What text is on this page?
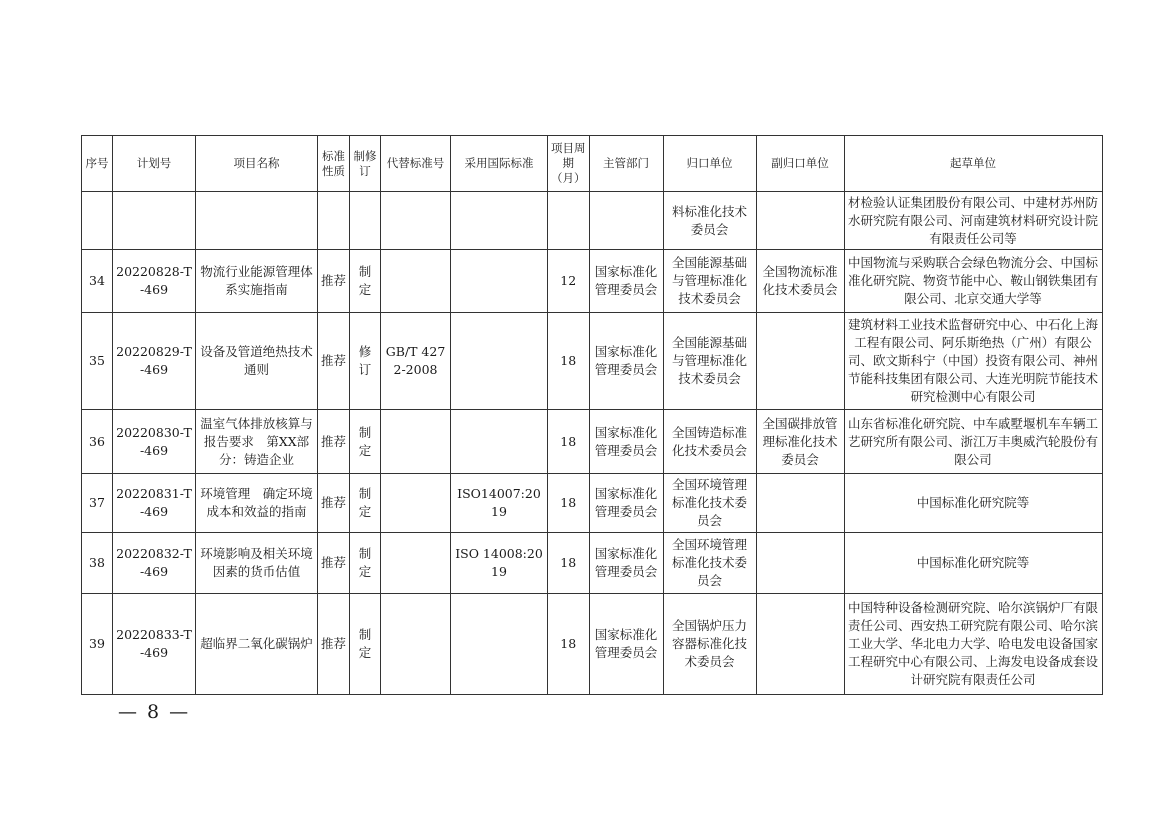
序号	计划号	项目名称	标准性质	制修订	代替标准号	采用国际标准	项目周期（月）	主管部门	归口单位	副归口单位	起草单位
									料标准化技术委员会		材检验认证集团股份有限公司、中建材苏州防水研究院有限公司、河南建筑材料研究设计院有限责任公司等
34	20220828-T-469	物流行业能源管理体系实施指南	推荐	制定			12	国家标准化管理委员会	全国能源基础与管理标准化技术委员会	全国物流标准化技术委员会	中国物流与采购联合会绿色物流分会、中国标准化研究院、物资节能中心、鞍山钢铁集团有限公司、北京交通大学等
35	20220829-T-469	设备及管道绝热技术通则	推荐	修订	GB/T 4272-2008		18	国家标准化管理委员会	全国能源基础与管理标准化技术委员会		建筑材料工业技术监督研究中心、中石化上海工程有限公司、阿乐斯绝热（广州）有限公司、欧文斯科宁（中国）投资有限公司、神州节能科技集团有限公司、大连光明院节能技术研究检测中心有限公司
36	20220830-T-469	温室气体排放核算与报告要求　第XX部分：铸造企业	推荐	制定			18	国家标准化管理委员会	全国铸造标准化技术委员会	全国碳排放管理标准化技术委员会	山东省标准化研究院、中车戚墅堰机车车辆工艺研究所有限公司、浙江万丰奥威汽轮股份有限公司
37	20220831-T-469	环境管理　确定环境成本和效益的指南	推荐	制定		ISO14007:2019	18	国家标准化管理委员会	全国环境管理标准化技术委员会		中国标准化研究院等
38	20220832-T-469	环境影响及相关环境因素的货币估值	推荐	制定		ISO 14008:2019	18	国家标准化管理委员会	全国环境管理标准化技术委员会		中国标准化研究院等
39	20220833-T-469	超临界二氧化碳锅炉	推荐	制定			18	国家标准化管理委员会	全国锅炉压力容器标准化技术委员会		中国特种设备检测研究院、哈尔滨锅炉厂有限责任公司、西安热工研究院有限公司、哈尔滨工业大学、华北电力大学、哈电发电设备国家工程研究中心有限公司、上海发电设备成套设计研究院有限责任公司
— 8 —
